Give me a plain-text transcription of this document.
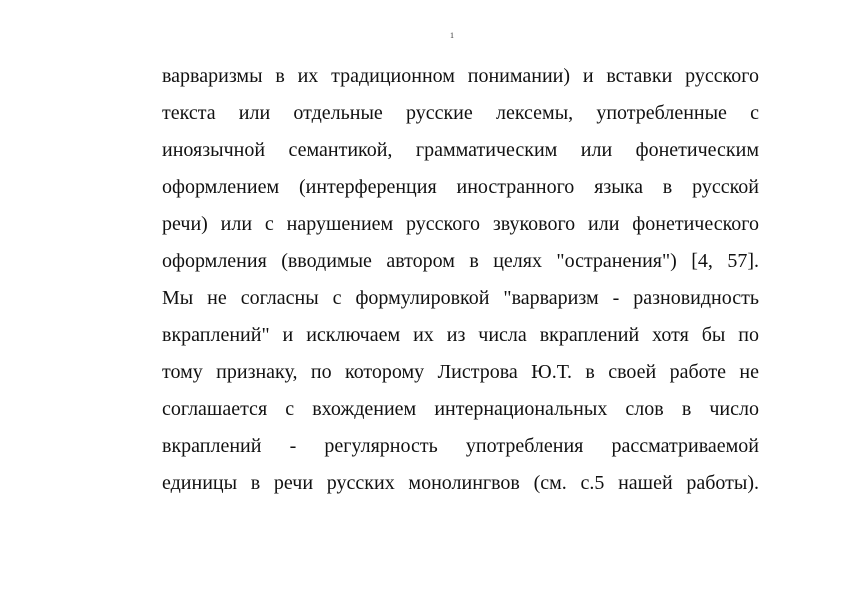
1
варваризмы в их традиционном понимании) и вставки русского
текста или отдельные русские лексемы, употребленные с
иноязычной семантикой, грамматическим или фонетическим
оформлением (интерференция иностранного языка в русской
речи) или с нарушением русского звукового или фонетического
оформления (вводимые автором в целях "остранения") [4, 57].
Мы не согласны с формулировкой "варваризм - разновидность
вкраплений" и исключаем их из числа вкраплений хотя бы по
тому признаку, по которому Листрова Ю.Т. в своей работе не
соглашается с вхождением интернациональных слов в число
вкраплений - регулярность употребления рассматриваемой
единицы в речи русских монолингвов (см. с.5 нашей работы).
